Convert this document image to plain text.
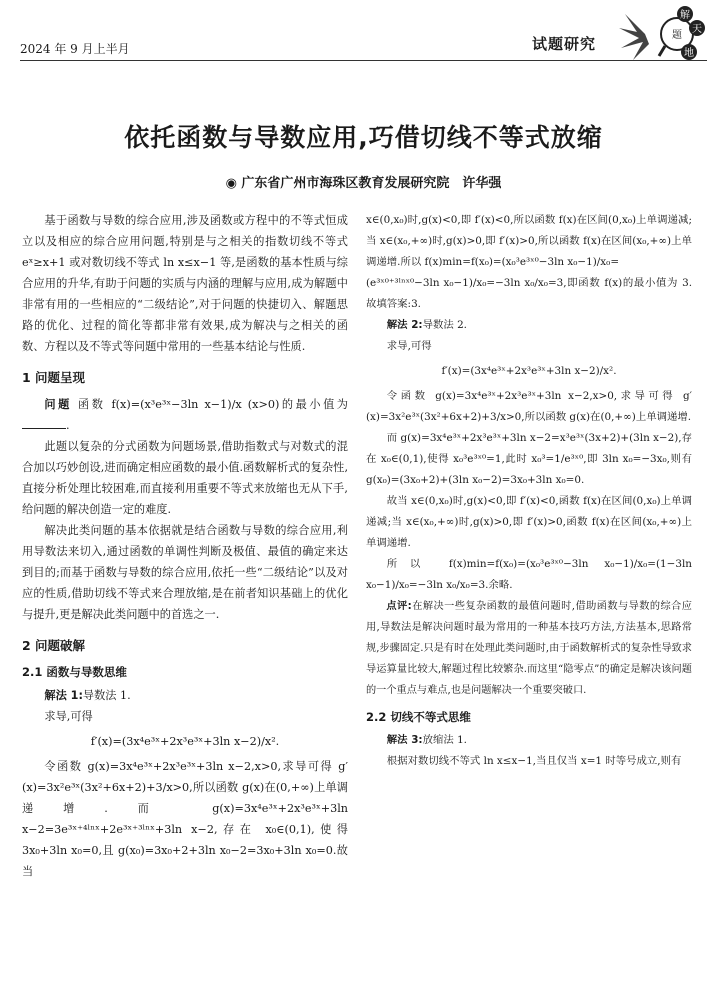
2024 年 9 月上半月	试题研究
解
题
天
地
依托函数与导数应用,巧借切线不等式放缩
◉ 广东省广州市海珠区教育发展研究院　许华强

基于函数与导数的综合应用,涉及函数或方程中的不等式恒成立以及相应的综合应用问题,特别是与之相关的指数切线不等式 eˣ≥x+1 或对数切线不等式 ln x≤x−1 等,是函数的基本性质与综合应用的升华,有助于问题的实质与内涵的理解与应用,成为解题中非常有用的一些相应的“二级结论”,对于问题的快捷切入、解题思路的优化、过程的简化等都非常有效果,成为解决与之相关的函数、方程以及不等式等问题中常用的一些基本结论与性质.

1 问题呈现

问题 函数 f(x)=(x³e³ˣ−3ln x−1)/x (x>0)的最小值为 .

此题以复杂的分式函数为问题场景,借助指数式与对数式的混合加以巧妙创设,进而确定相应函数的最小值.函数解析式的复杂性,直接分析处理比较困难,而直接利用重要不等式来放缩也无从下手,给问题的解决创造一定的难度.

解决此类问题的基本依据就是结合函数与导数的综合应用,利用导数法来切入,通过函数的单调性判断及极值、最值的确定来达到目的;而基于函数与导数的综合应用,依托一些“二级结论”以及对应的性质,借助切线不等式来合理放缩,是在前者知识基础上的优化与提升,更是解决此类问题中的首选之一.

2 问题破解
2.1 函数与导数思维

解法 1:导数法 1.

求导,可得

f′(x)=(3x⁴e³ˣ+2x³e³ˣ+3ln x−2)/x².

令函数 g(x)=3x⁴e³ˣ+2x³e³ˣ+3ln x−2,x>0,求导可得 g′(x)=3x²e³ˣ(3x²+6x+2)+3/x>0,所以函数 g(x)在(0,+∞)上单调递增.而 g(x)=3x⁴e³ˣ+2x³e³ˣ+3ln x−2=3e³ˣ⁺⁴ˡⁿˣ+2e³ˣ⁺³ˡⁿˣ+3ln x−2,存在 x₀∈(0,1),使得 3x₀+3ln x₀=0,且 g(x₀)=3x₀+2+3ln x₀−2=3x₀+3ln x₀=0.故当

x∈(0,x₀)时,g(x)<0,即 f′(x)<0,所以函数 f(x)在区间(0,x₀)上单调递减;当 x∈(x₀,+∞)时,g(x)>0,即 f′(x)>0,所以函数 f(x)在区间(x₀,+∞)上单调递增.所以 f(x)min=f(x₀)=(x₀³e³ˣ⁰−3ln x₀−1)/x₀=

(e³ˣ⁰⁺³ˡⁿˣ⁰−3ln x₀−1)/x₀=−3ln x₀/x₀=3,即函数 f(x)的最小值为 3.故填答案:3.

解法 2:导数法 2.

求导,可得

f′(x)=(3x⁴e³ˣ+2x³e³ˣ+3ln x−2)/x².

令函数 g(x)=3x⁴e³ˣ+2x³e³ˣ+3ln x−2,x>0,求导可得 g′(x)=3x²e³ˣ(3x²+6x+2)+3/x>0,所以函数 g(x)在(0,+∞)上单调递增.

而 g(x)=3x⁴e³ˣ+2x³e³ˣ+3ln x−2=x³e³ˣ(3x+2)+(3ln x−2),存在 x₀∈(0,1),使得 x₀³e³ˣ⁰=1,此时 x₀³=1/e³ˣ⁰,即 3ln x₀=−3x₀,则有 g(x₀)=(3x₀+2)+(3ln x₀−2)=3x₀+3ln x₀=0.

故当 x∈(0,x₀)时,g(x)<0,即 f′(x)<0,函数 f(x)在区间(0,x₀)上单调递减;当 x∈(x₀,+∞)时,g(x)>0,即 f′(x)>0,函数 f(x)在区间(x₀,+∞)上单调递增.

所以 f(x)min=f(x₀)=(x₀³e³ˣ⁰−3ln x₀−1)/x₀=(1−3ln x₀−1)/x₀=−3ln x₀/x₀=3.余略.

点评:在解决一些复杂函数的最值问题时,借助函数与导数的综合应用,导数法是解决问题时最为常用的一种基本技巧方法,方法基本,思路常规,步骤固定.只是有时在处理此类问题时,由于函数解析式的复杂性导致求导运算量比较大,解题过程比较繁杂.而这里“隐零点”的确定是解决该问题的一个重点与难点,也是问题解决一个重要突破口.

2.2 切线不等式思维

解法 3:放缩法 1.

根据对数切线不等式 ln x≤x−1,当且仅当 x=1 时等号成立,则有
